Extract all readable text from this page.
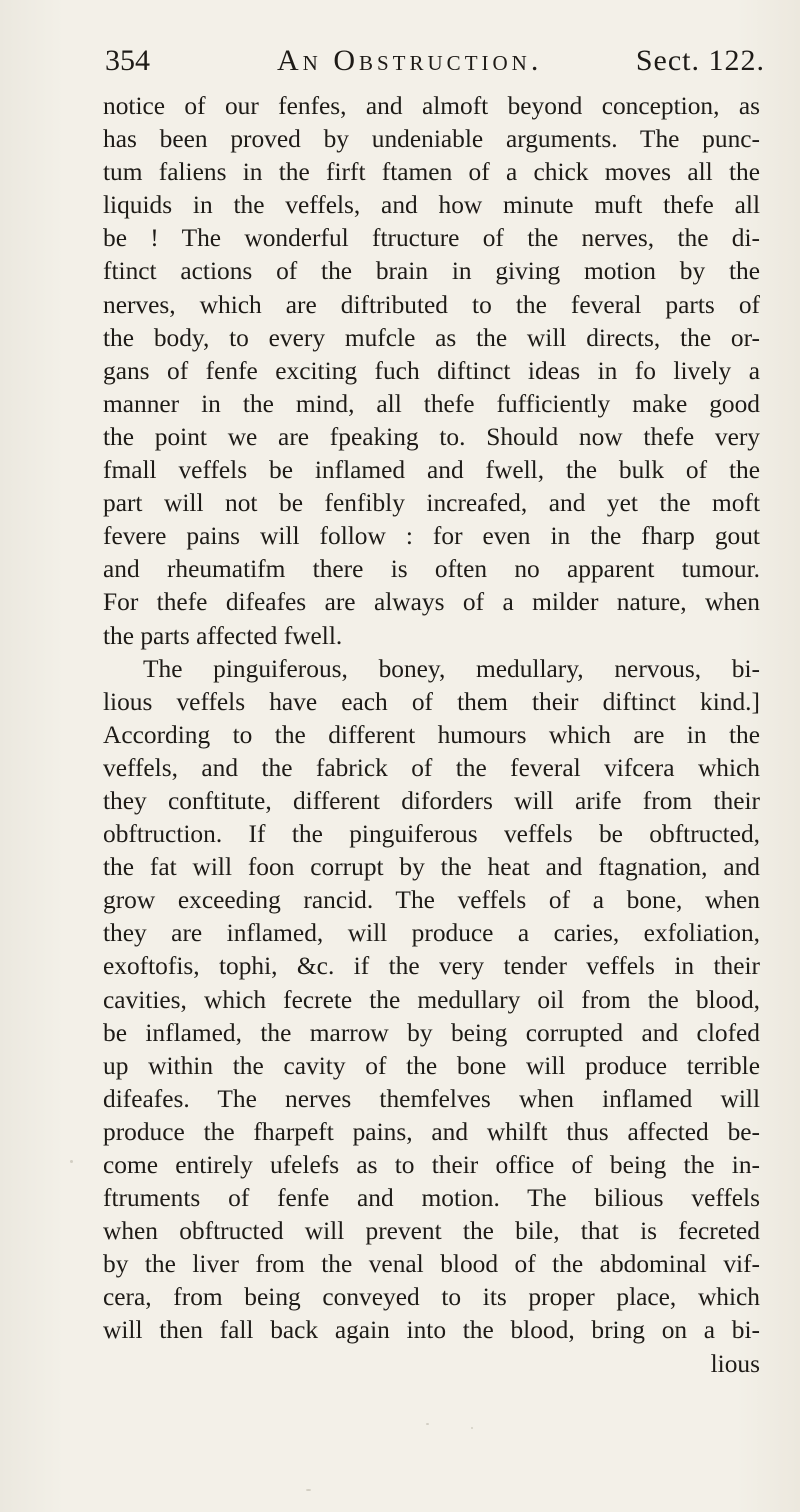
354	An Obstruction.	Sect. 122.
notice of our fenfes, and almoft beyond conception, as
has been proved by undeniable arguments. The punc-
tum faliens in the firft ftamen of a chick moves all the
liquids in the veffels, and how minute muft thefe all
be ! The wonderful ftructure of the nerves, the di-
ftinct actions of the brain in giving motion by the
nerves, which are diftributed to the feveral parts of
the body, to every mufcle as the will directs, the or-
gans of fenfe exciting fuch diftinct ideas in fo lively a
manner in the mind, all thefe fufficiently make good
the point we are fpeaking to. Should now thefe very
fmall veffels be inflamed and fwell, the bulk of the
part will not be fenfibly increafed, and yet the moft
fevere pains will follow : for even in the fharp gout
and rheumatifm there is often no apparent tumour.
For thefe difeafes are always of a milder nature, when
the parts affected fwell.
The pinguiferous, boney, medullary, nervous, bi-
lious veffels have each of them their diftinct kind.]
According to the different humours which are in the
veffels, and the fabrick of the feveral vifcera which
they conftitute, different diforders will arife from their
obftruction. If the pinguiferous veffels be obftructed,
the fat will foon corrupt by the heat and ftagnation, and
grow exceeding rancid. The veffels of a bone, when
they are inflamed, will produce a caries, exfoliation,
exoftofis, tophi, &c. if the very tender veffels in their
cavities, which fecrete the medullary oil from the blood,
be inflamed, the marrow by being corrupted and clofed
up within the cavity of the bone will produce terrible
difeafes. The nerves themfelves when inflamed will
produce the fharpeft pains, and whilft thus affected be-
come entirely ufelefs as to their office of being the in-
ftruments of fenfe and motion. The bilious veffels
when obftructed will prevent the bile, that is fecreted
by the liver from the venal blood of the abdominal vif-
cera, from being conveyed to its proper place, which
will then fall back again into the blood, bring on a bi-
lious
